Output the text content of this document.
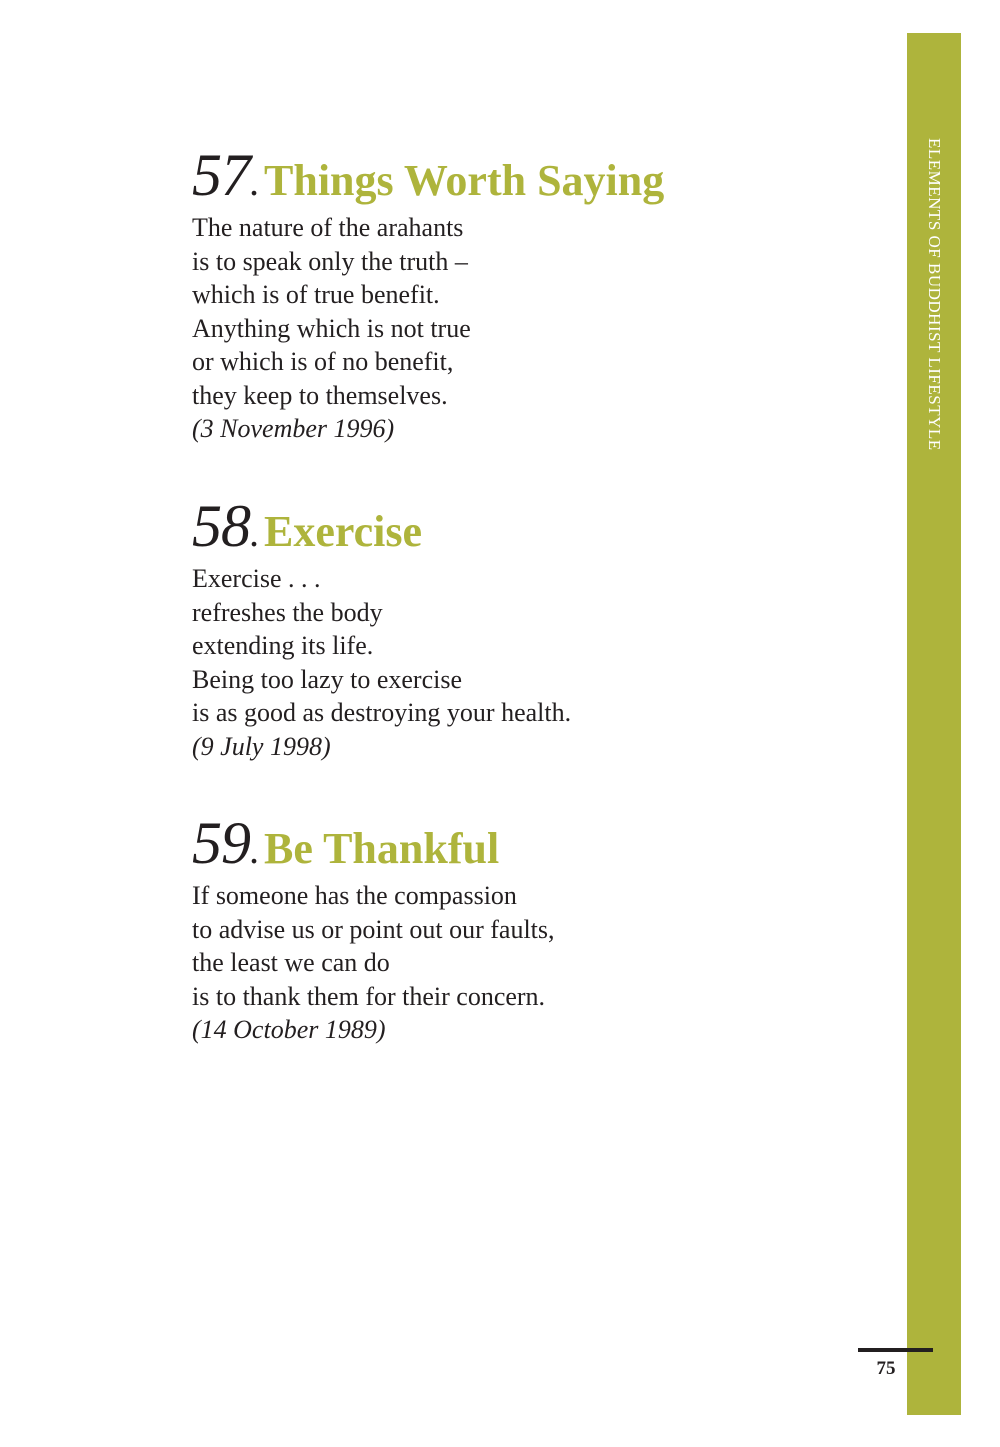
ELEMENTS OF BUDDHIST LIFESTYLE
57 . Things Worth Saying
The nature of the arahants
is to speak only the truth –
which is of true benefit.
Anything which is not true
or which is of no benefit,
they keep to themselves.
(3 November 1996)
58 . Exercise
Exercise . . .
refreshes the body
extending its life.
Being too lazy to exercise
is as good as destroying your health.
(9 July 1998)
59 . Be Thankful
If someone has the compassion
to advise us or point out our faults,
the least we can do
is to thank them for their concern.
(14 October 1989)
75
